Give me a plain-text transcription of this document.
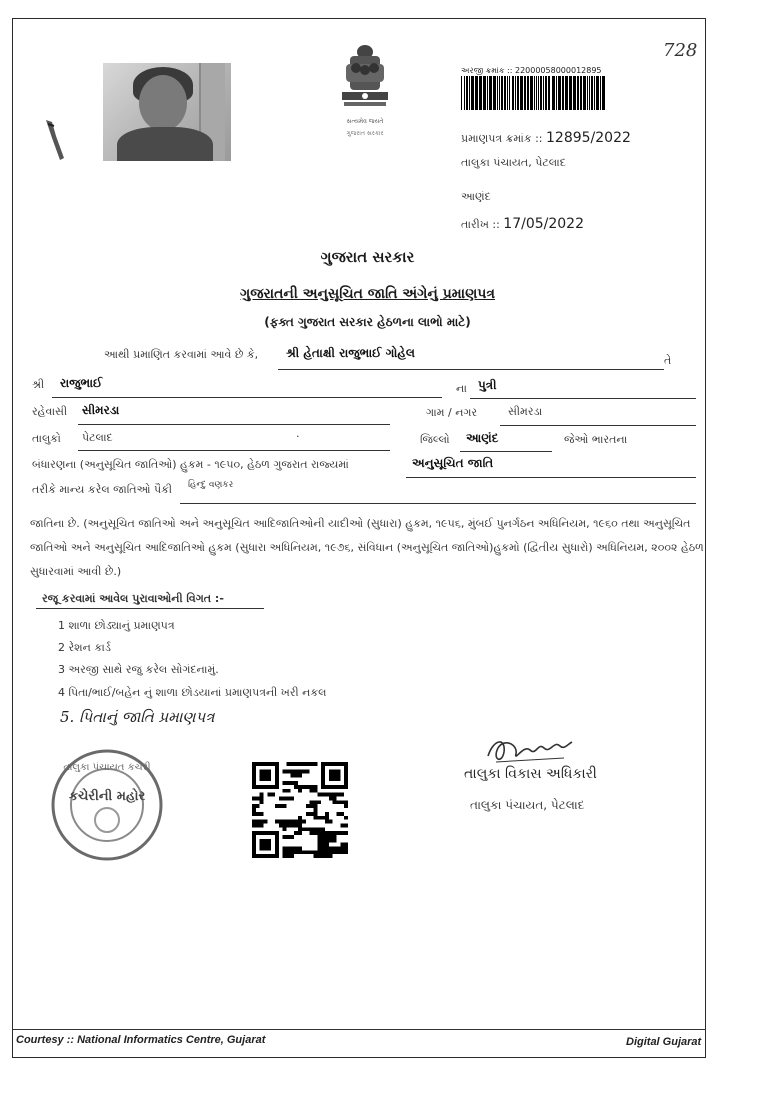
સત્યમેવ જયતે
ગુજરાત સરકાર
અરજી ક્રમાંક :: 22000058000012895
728
પ્રમાણપત્ર ક્રમાંક :: 12895/2022
તાલુકા પંચાયત, પેટલાદ
આણંદ
તારીખ :: 17/05/2022
ગુજરાત સરકાર
ગુજરાતની અનુસૂચિત જાતિ અંગેનું પ્રમાણપત્ર
(ફક્ત ગુજરાત સરકાર હેઠળના લાભો માટે)
આથી પ્રમાણિત કરવામાં આવે છે કે, શ્રી હેતાક્ષી રાજુભાઈ ગોહેલ
તે
શ્રી રાજુભાઈ	ના પુત્રી
રહેવાસી સીમરડા	ગામ / નગર	સીમરડા
તાલુકો પેટલાદ	·	જિલ્લો આણંદ	જેઓ ભારતના
બંધારણના (અનુસૂચિત જાતિઓ) હુકમ - ૧૯૫૦, હેઠળ ગુજરાત રાજ્યમાં	અનુસૂચિત જાતિ
તરીકે માન્ય કરેલ જાતિઓ પૈકી હિન્દુ વણકર
જાતિના છે. (અનુસૂચિત જાતિઓ અને અનુસૂચિત આદિજાતિઓની યાદીઓ (સુધારા) હુકમ, ૧૯૫૬, મુંબઈ પુનર્ગઠન અધિનિયમ, ૧૯૬૦ તથા અનુસૂચિત જાતિઓ અને અનુસૂચિત આદિજાતિઓ હુકમ (સુધારા અધિનિયમ, ૧૯૭૬, સંવિધાન (અનુસૂચિત જાતિઓ)હુકમો (દ્વિતીય સુધારો) અધિનિયમ, ૨૦૦૨ હેઠળ સુધારવામાં આવી છે.)
રજૂ કરવામાં આવેલ પુરાવાઓની વિગત :-
1 શાળા છોડ્યાનું પ્રમાણપત્ર
2 રેશન કાર્ડ
3 અરજી સાથે રજુ કરેલ સોગંદનામું.
4 પિતા/ભાઈ/બહેન નું શાળા છોડયાનાં પ્રમાણપત્રની ખરી નકલ
5. પિતાનું જાતિ પ્રમાણપત્ર
તાલુકા પંચાયત કચેરી
કચેરીની મહોર
તાલુકા વિકાસ અધિકારી
તાલુકા પંચાયત, પેટલાદ
Courtesy :: National Informatics Centre, Gujarat	Digital Gujarat
